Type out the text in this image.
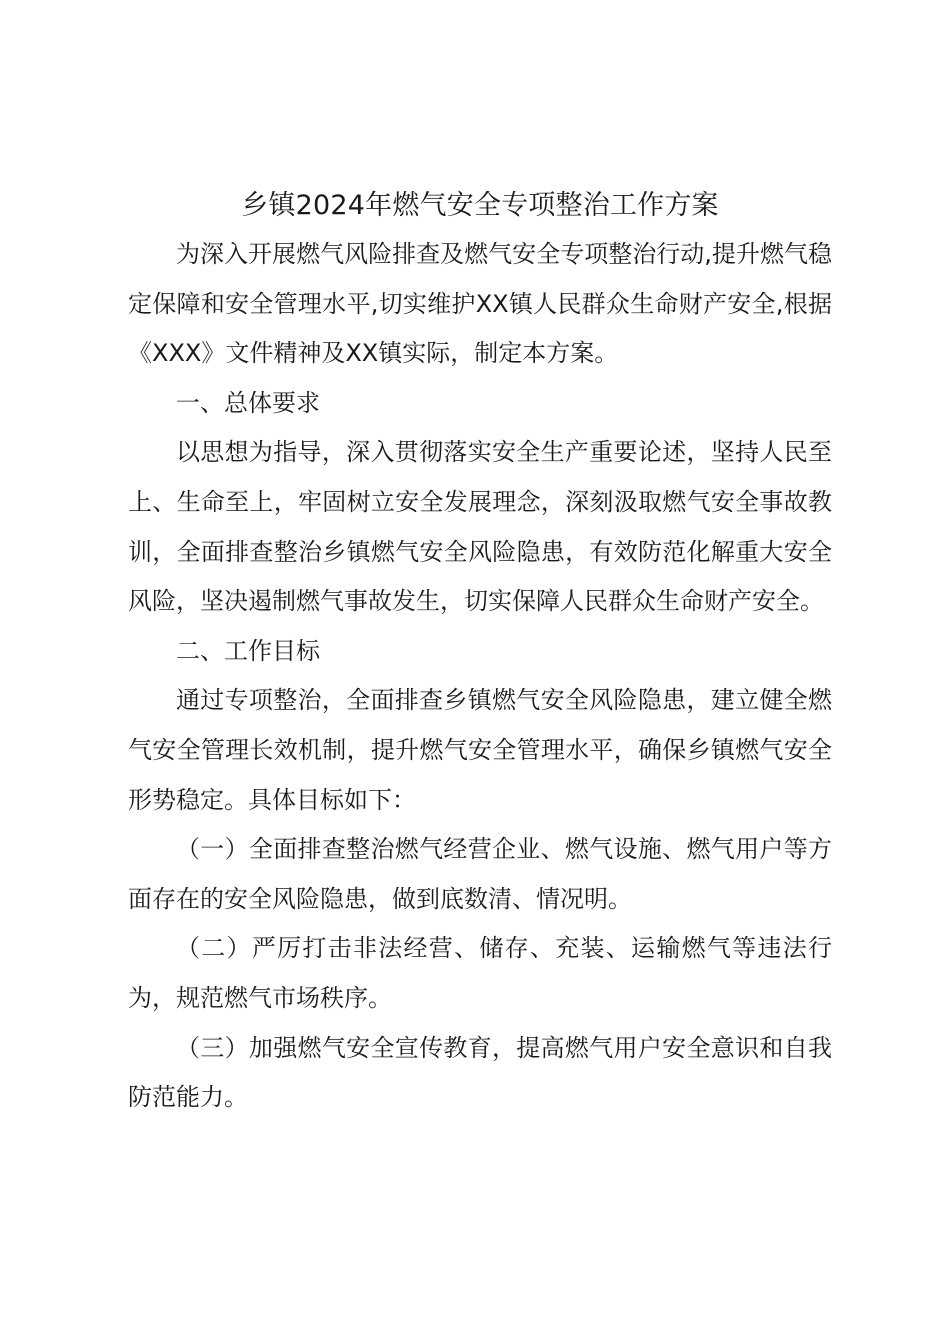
乡镇2024年燃气安全专项整治工作方案

为深入开展燃气风险排查及燃气安全专项整治行动,提升燃气稳定保障和安全管理水平,切实维护XX镇人民群众生命财产安全,根据《XXX》文件精神及XX镇实际，制定本方案。

一、总体要求

以思想为指导，深入贯彻落实安全生产重要论述，坚持人民至上、生命至上，牢固树立安全发展理念，深刻汲取燃气安全事故教训，全面排查整治乡镇燃气安全风险隐患，有效防范化解重大安全风险，坚决遏制燃气事故发生，切实保障人民群众生命财产安全。

二、工作目标

通过专项整治，全面排查乡镇燃气安全风险隐患，建立健全燃气安全管理长效机制，提升燃气安全管理水平，确保乡镇燃气安全形势稳定。具体目标如下：

（一）全面排查整治燃气经营企业、燃气设施、燃气用户等方面存在的安全风险隐患，做到底数清、情况明。

（二）严厉打击非法经营、储存、充装、运输燃气等违法行为，规范燃气市场秩序。

（三）加强燃气安全宣传教育，提高燃气用户安全意识和自我防范能力。
